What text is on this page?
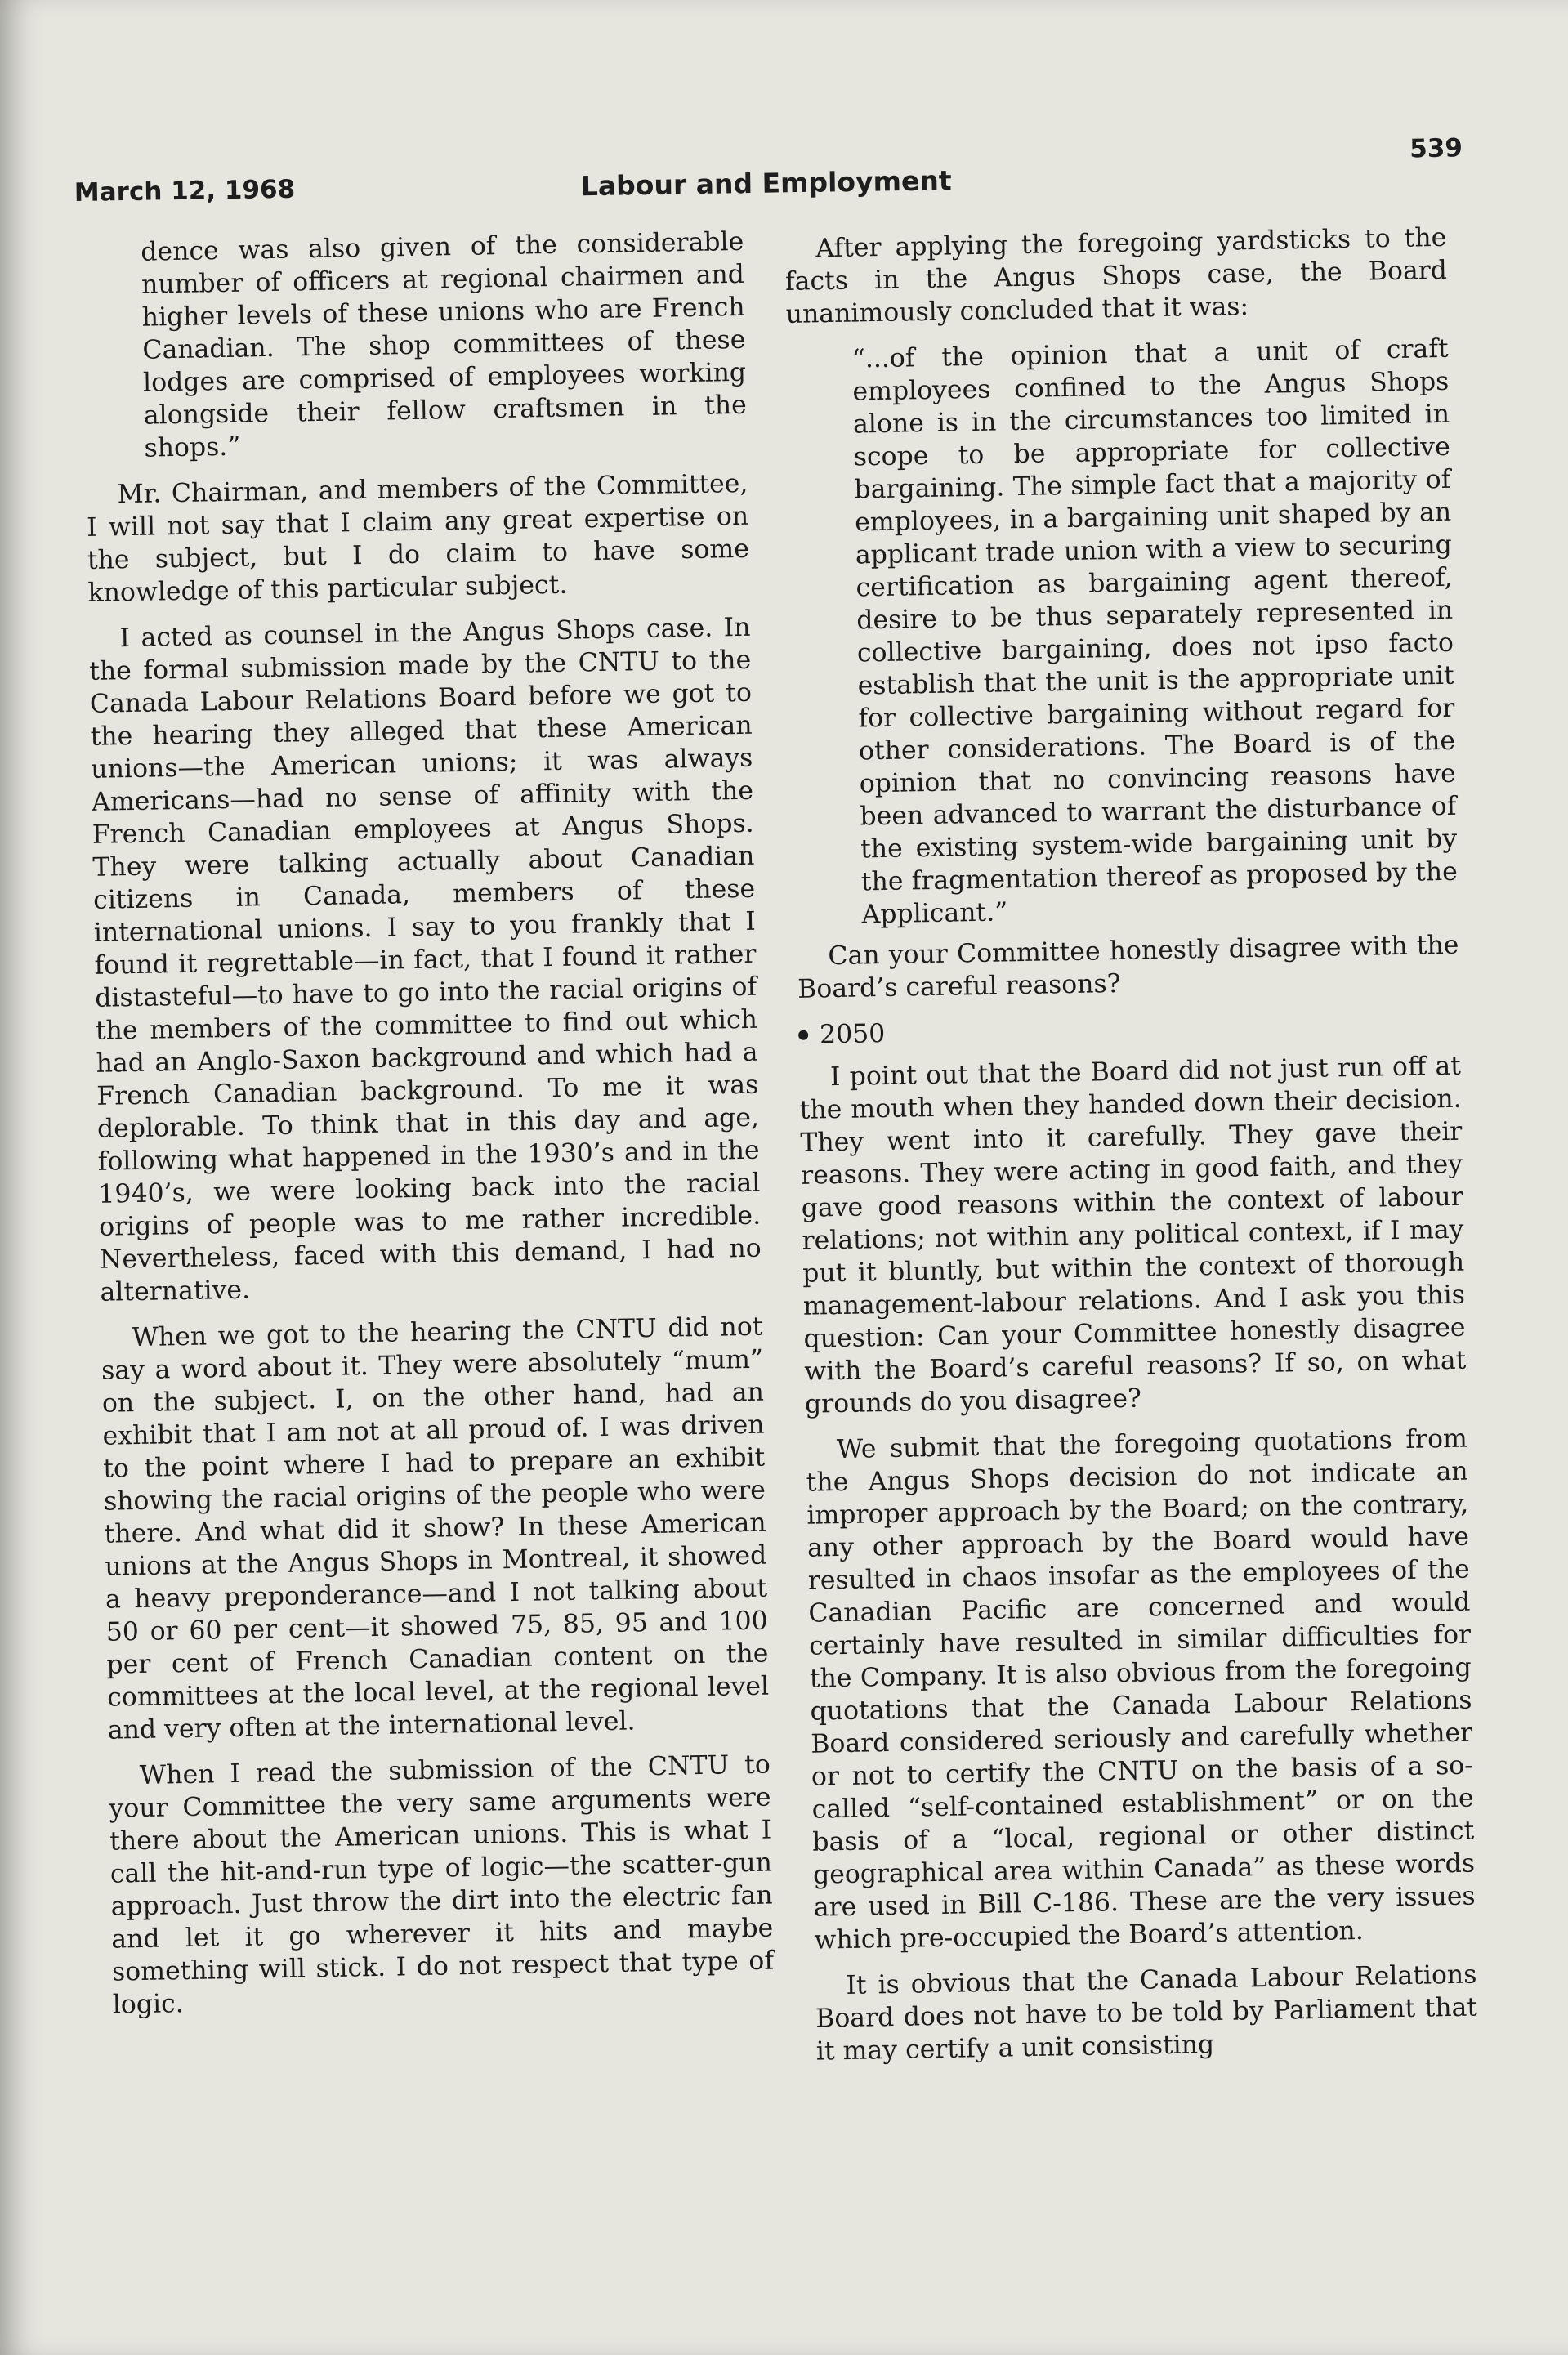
March 12, 1968	Labour and Employment
539

dence was also given of the considerable number of officers at regional chairmen and higher levels of these unions who are French Canadian. The shop committees of these lodges are comprised of employees working alongside their fellow craftsmen in the shops.”

Mr. Chairman, and members of the Committee, I will not say that I claim any great expertise on the subject, but I do claim to have some knowledge of this particular subject.

I acted as counsel in the Angus Shops case. In the formal submission made by the CNTU to the Canada Labour Relations Board before we got to the hearing they alleged that these American unions—the American unions; it was always Americans—had no sense of affinity with the French Canadian employees at Angus Shops. They were talking actually about Canadian citizens in Canada, members of these international unions. I say to you frankly that I found it regrettable—in fact, that I found it rather distasteful—to have to go into the racial origins of the members of the committee to find out which had an Anglo-Saxon background and which had a French Canadian background. To me it was deplorable. To think that in this day and age, following what happened in the 1930’s and in the 1940’s, we were looking back into the racial origins of people was to me rather incredible. Nevertheless, faced with this demand, I had no alternative.

When we got to the hearing the CNTU did not say a word about it. They were absolutely “mum” on the subject. I, on the other hand, had an exhibit that I am not at all proud of. I was driven to the point where I had to prepare an exhibit showing the racial origins of the people who were there. And what did it show? In these American unions at the Angus Shops in Montreal, it showed a heavy preponderance—and I not talking about 50 or 60 per cent—it showed 75, 85, 95 and 100 per cent of French Canadian content on the committees at the local level, at the regional level and very often at the international level.

When I read the submission of the CNTU to your Committee the very same arguments were there about the American unions. This is what I call the hit-and-run type of logic—the scatter-gun approach. Just throw the dirt into the electric fan and let it go wherever it hits and maybe something will stick. I do not respect that type of logic.

After applying the foregoing yardsticks to the facts in the Angus Shops case, the Board unanimously concluded that it was:

“...of the opinion that a unit of craft employees confined to the Angus Shops alone is in the circumstances too limited in scope to be appropriate for collective bargaining. The simple fact that a majority of employees, in a bargaining unit shaped by an applicant trade union with a view to securing certification as bargaining agent thereof, desire to be thus separately represented in collective bargaining, does not ipso facto establish that the unit is the appropriate unit for collective bargaining without regard for other considerations. The Board is of the opinion that no convincing reasons have been advanced to warrant the disturbance of the existing system-wide bargaining unit by the fragmentation thereof as proposed by the Applicant.”

Can your Committee honestly disagree with the Board’s careful reasons?

2050

I point out that the Board did not just run off at the mouth when they handed down their decision. They went into it carefully. They gave their reasons. They were acting in good faith, and they gave good reasons within the context of labour relations; not within any political context, if I may put it bluntly, but within the context of thorough management-labour relations. And I ask you this question: Can your Committee honestly disagree with the Board’s careful reasons? If so, on what grounds do you disagree?

We submit that the foregoing quotations from the Angus Shops decision do not indicate an improper approach by the Board; on the contrary, any other approach by the Board would have resulted in chaos insofar as the employees of the Canadian Pacific are concerned and would certainly have resulted in similar difficulties for the Company. It is also obvious from the foregoing quotations that the Canada Labour Relations Board considered seriously and carefully whether or not to certify the CNTU on the basis of a so-called “self-contained establishment” or on the basis of a “local, regional or other distinct geographical area within Canada” as these words are used in Bill C-186. These are the very issues which pre-occupied the Board’s attention.

It is obvious that the Canada Labour Relations Board does not have to be told by Parliament that it may certify a unit consisting
